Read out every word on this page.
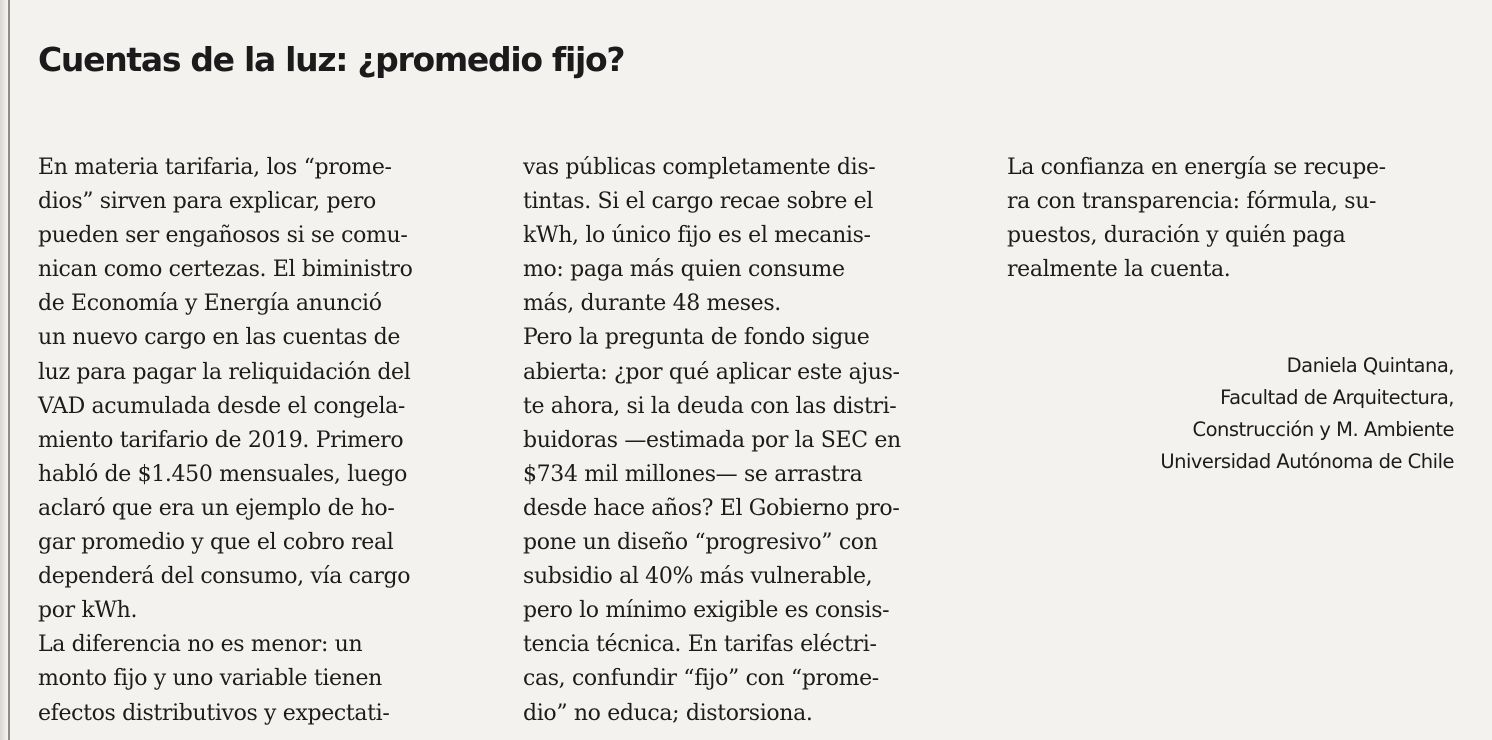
Cuentas de la luz: ¿promedio fijo?
En materia tarifaria, los “prome-
dios” sirven para explicar, pero
pueden ser engañosos si se comu-
nican como certezas. El biministro
de Economía y Energía anunció
un nuevo cargo en las cuentas de
luz para pagar la reliquidación del
VAD acumulada desde el congela-
miento tarifario de 2019. Primero
habló de $1.450 mensuales, luego
aclaró que era un ejemplo de ho-
gar promedio y que el cobro real
dependerá del consumo, vía cargo
por kWh.
La diferencia no es menor: un
monto fijo y uno variable tienen
efectos distributivos y expectati-
vas públicas completamente dis-
tintas. Si el cargo recae sobre el
kWh, lo único fijo es el mecanis-
mo: paga más quien consume
más, durante 48 meses.
Pero la pregunta de fondo sigue
abierta: ¿por qué aplicar este ajus-
te ahora, si la deuda con las distri-
buidoras —estimada por la SEC en
$734 mil millones— se arrastra
desde hace años? El Gobierno pro-
pone un diseño “progresivo” con
subsidio al 40% más vulnerable,
pero lo mínimo exigible es consis-
tencia técnica. En tarifas eléctri-
cas, confundir “fijo” con “prome-
dio” no educa; distorsiona.
La confianza en energía se recupe-
ra con transparencia: fórmula, su-
puestos, duración y quién paga
realmente la cuenta.
Daniela Quintana,
Facultad de Arquitectura,
Construcción y M. Ambiente
Universidad Autónoma de Chile
